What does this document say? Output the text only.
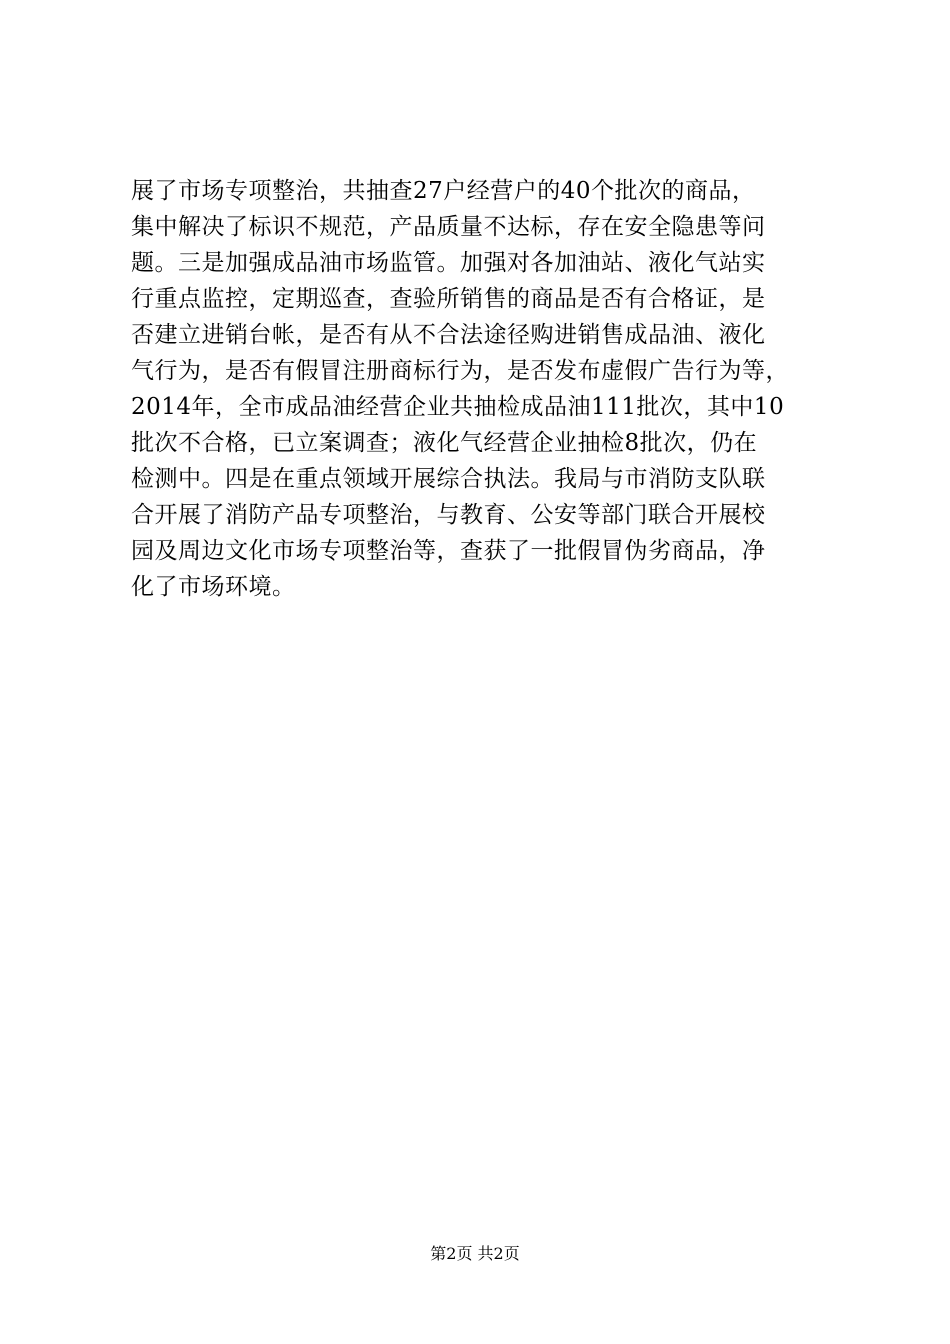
展了市场专项整治，共抽查27户经营户的40个批次的商品，
集中解决了标识不规范，产品质量不达标，存在安全隐患等问
题。三是加强成品油市场监管。加强对各加油站、液化气站实
行重点监控，定期巡查，查验所销售的商品是否有合格证，是
否建立进销台帐，是否有从不合法途径购进销售成品油、液化
气行为，是否有假冒注册商标行为，是否发布虚假广告行为等，
2014年，全市成品油经营企业共抽检成品油111批次，其中10
批次不合格，已立案调查；液化气经营企业抽检8批次，仍在
检测中。四是在重点领域开展综合执法。我局与市消防支队联
合开展了消防产品专项整治，与教育、公安等部门联合开展校
园及周边文化市场专项整治等，查获了一批假冒伪劣商品，净
化了市场环境。
第2页 共2页
